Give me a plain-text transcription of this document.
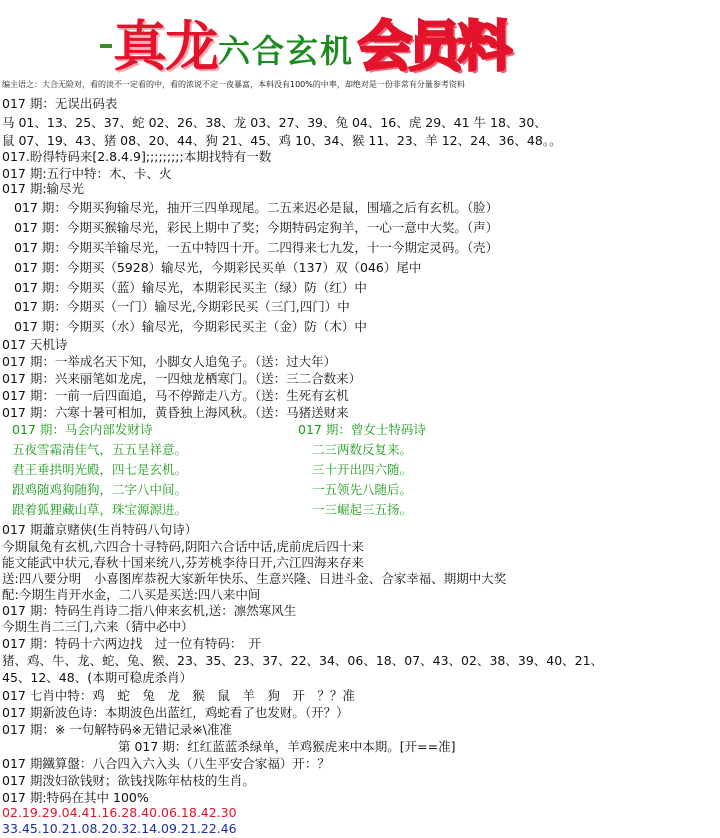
真龙 六合玄机 会员料
编主语之：大合无险对，看的淡不一定看的中，看的浓说不定一夜暴富，本料没有100%的中率，却绝对是一份非常有分量参考资料
017 期：无误出码表
马 01、13、25、37、蛇 02、26、38、龙 03、27、39、兔 04、16、虎 29、41 牛 18、30、
鼠 07、19、43、猪 08、20、44、狗 21、45、鸡 10、34、猴 11、23、羊 12、24、36、48。。
017.盼得特码来[2.8.4.9];;;;;;;;;本期找特有一数
017 期:五行中特：木、卡、火
017 期:输尽光
017 期：今期买狗输尽光，抽开三四单现尾。二五来迟必是鼠，围墙之后有玄机。（脸）
017 期：今期买猴输尽光，彩民上期中了奖；今期特码定狗羊，一心一意中大奖。（声）
017 期：今期买羊输尽光，一五中特四十开。二四得来七九发，十一今期定灵码。（壳）
017 期：今期买（5928）输尽光，今期彩民买单（137）双（046）尾中
017 期：今期买（蓝）输尽光，本期彩民买主（绿）防（红）中
017 期：今期买（一门）输尽光,今期彩民买（三门,四门）中
017 期：今期买（水）输尽光，今期彩民买主（金）防（木）中
017 天机诗
017 期：一举成名天下知，小脚女人追兔子。（送：过大年）
017 期：兴来丽笔如龙虎，一四烛龙栖寒门。（送：三二合数来）
017 期：一前一后四面追，马不停蹄走八方。（送：生死有玄机
017 期：六寒十暑可相加，黄昏独上海风秋。（送：马猪送财来
017 期：马会内部发财诗
五夜雪霜清佳气，五五呈祥意。
君王垂拱明光殿，四七是玄机。
跟鸡随鸡狗随狗，二字八中间。
跟着狐狸藏山草，珠宝源源进。
017 期：曾女士特码诗
二三两数反复来。
三十开出四六随。
一五领先八随后。
一三崛起三五扬。
017 期蕭京赌侠(生肖特码八句诗）
今期鼠兔有玄机,六四合十寻特码,阴阳六合话中话,虎前虎后四十来
能文能武中状元,春秋十国来统八,芬芳桃李待日开,六江四海来存来
送:四八要分明　小喜图库恭祝大家新年快乐、生意兴隆、日进斗金、合家幸福、期期中大奖
配:今期生肖开水金，二八买是买送:四八来中间
017 期：特码生肖诗二指八伸来玄机,送：凛然寒风生
今期生肖二三门,六来（猜中必中）
017 期：特码十六两边找　过一位有特码：　开
猪、鸡、牛、龙、蛇、兔、猴、23、35、23、37、22、34、06、18、07、43、02、38、39、40、21、
45、12、48、(本期可稳虎杀肖）
017 七肖中特：鸡　蛇　兔　龙　猴　鼠　羊　狗　开　？？准
017 期新波色诗：本期波色出蓝红，鸡蛇看了也发财。（开？）
017 期：※ 一句解特码※无错记录※\准准
第 017 期：红红蓝蓝杀绿单，羊鸡猴虎来中本期。[开==准]
017 期鐵算盤：八合四入六入头（八生平安合家福）开：？
017 期泼妇欲钱财；欲钱找陈年枯枝的生肖。
017 期:特码在其中 100%
02.19.29.04.41.16.28.40.06.18.42.30
33.45.10.21.08.20.32.14.09.21.22.46
